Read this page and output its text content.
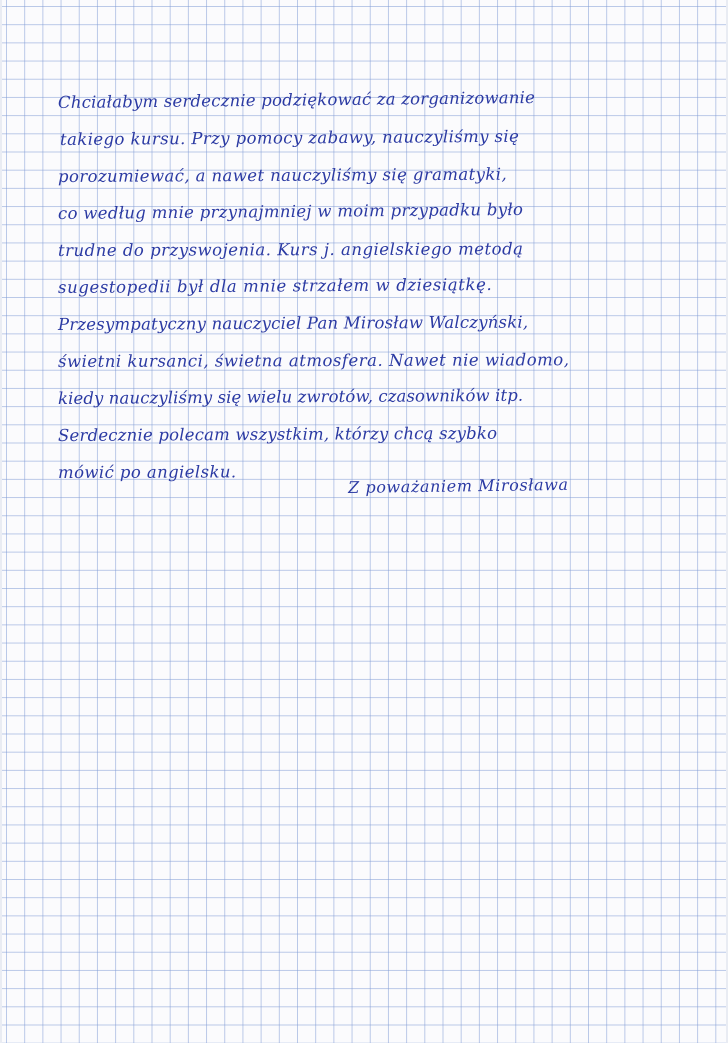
Chciałabym serdecznie podziękować za zorganizowanie
takiego kursu. Przy pomocy zabawy, nauczyliśmy się
porozumiewać, a nawet nauczyliśmy się gramatyki,
co według mnie przynajmniej w moim przypadku było
trudne do przyswojenia. Kurs j. angielskiego metodą
sugestopedii był dla mnie strzałem w dziesiątkę.
Przesympatyczny nauczyciel Pan Mirosław Walczyński,
świetni kursanci, świetna atmosfera. Nawet nie wiadomo,
kiedy nauczyliśmy się wielu zwrotów, czasowników itp.
Serdecznie polecam wszystkim, którzy chcą szybko
mówić po angielsku.
Z poważaniem Mirosława
